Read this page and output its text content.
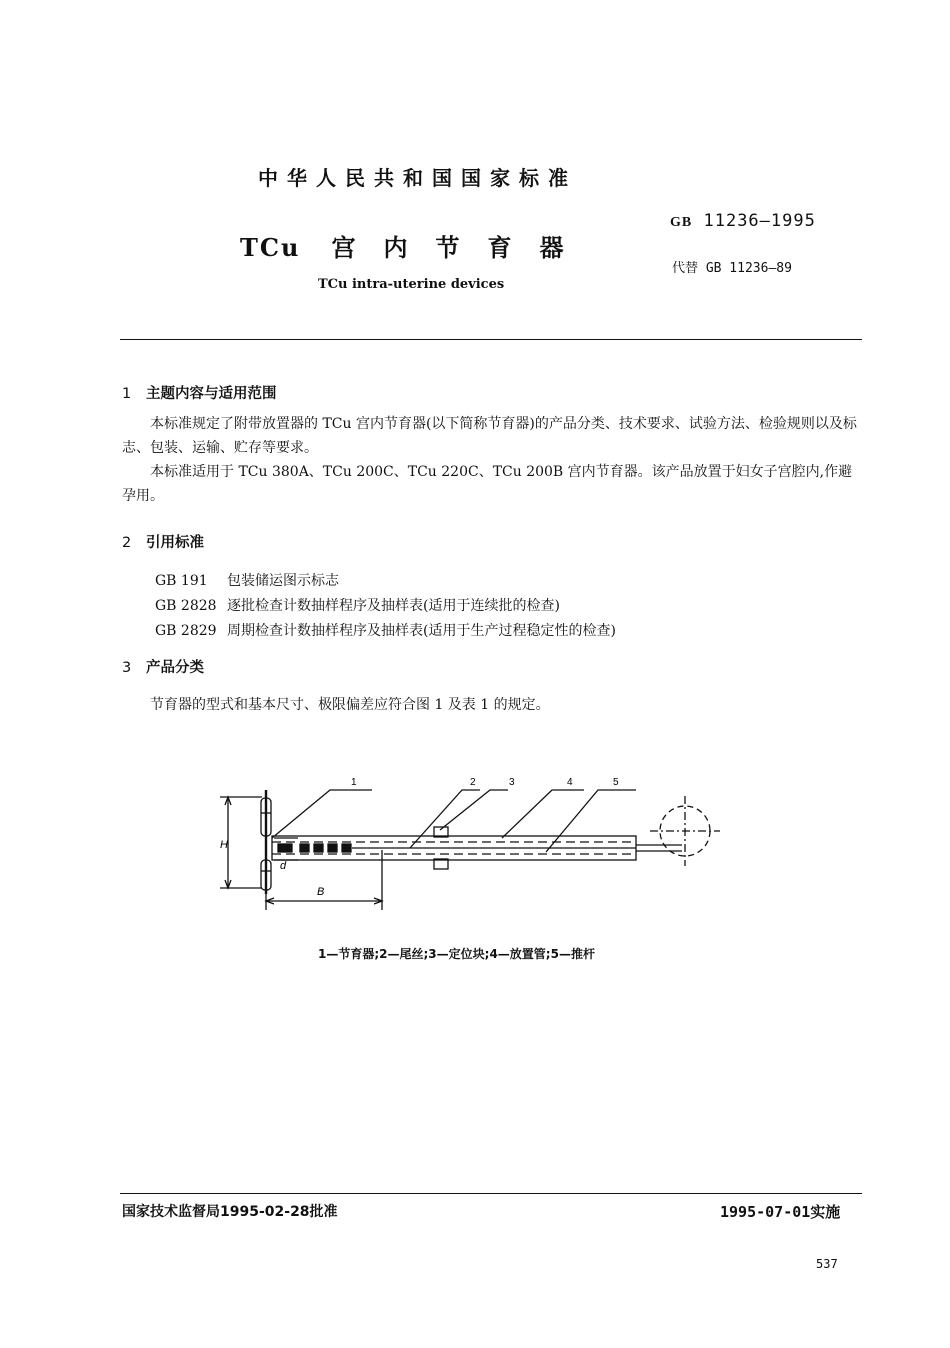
中华人民共和国国家标准
TCu 宫内节育器
TCu intra-uterine devices
GB 11236—1995
代替 GB 11236—89
1 主题内容与适用范围

本标准规定了附带放置器的 TCu 宫内节育器(以下简称节育器)的产品分类、技术要求、试验方法、检验规则以及标志、包装、运输、贮存等要求。

本标准适用于 TCu 380A、TCu 200C、TCu 220C、TCu 200B 宫内节育器。该产品放置于妇女子宫腔内,作避孕用。

2 引用标准
GB 191 包装储运图示标志
GB 2828 逐批检查计数抽样程序及抽样表(适用于连续批的检查)
GB 2829 周期检查计数抽样程序及抽样表(适用于生产过程稳定性的检查)
3 产品分类

节育器的型式和基本尺寸、极限偏差应符合图 1 及表 1 的规定。

1	2	3	4	5
H
d
B
1—节育器;2—尾丝;3—定位块;4—放置管;5—推杆
国家技术监督局1995-02-28批准	1995-07-01实施
537
